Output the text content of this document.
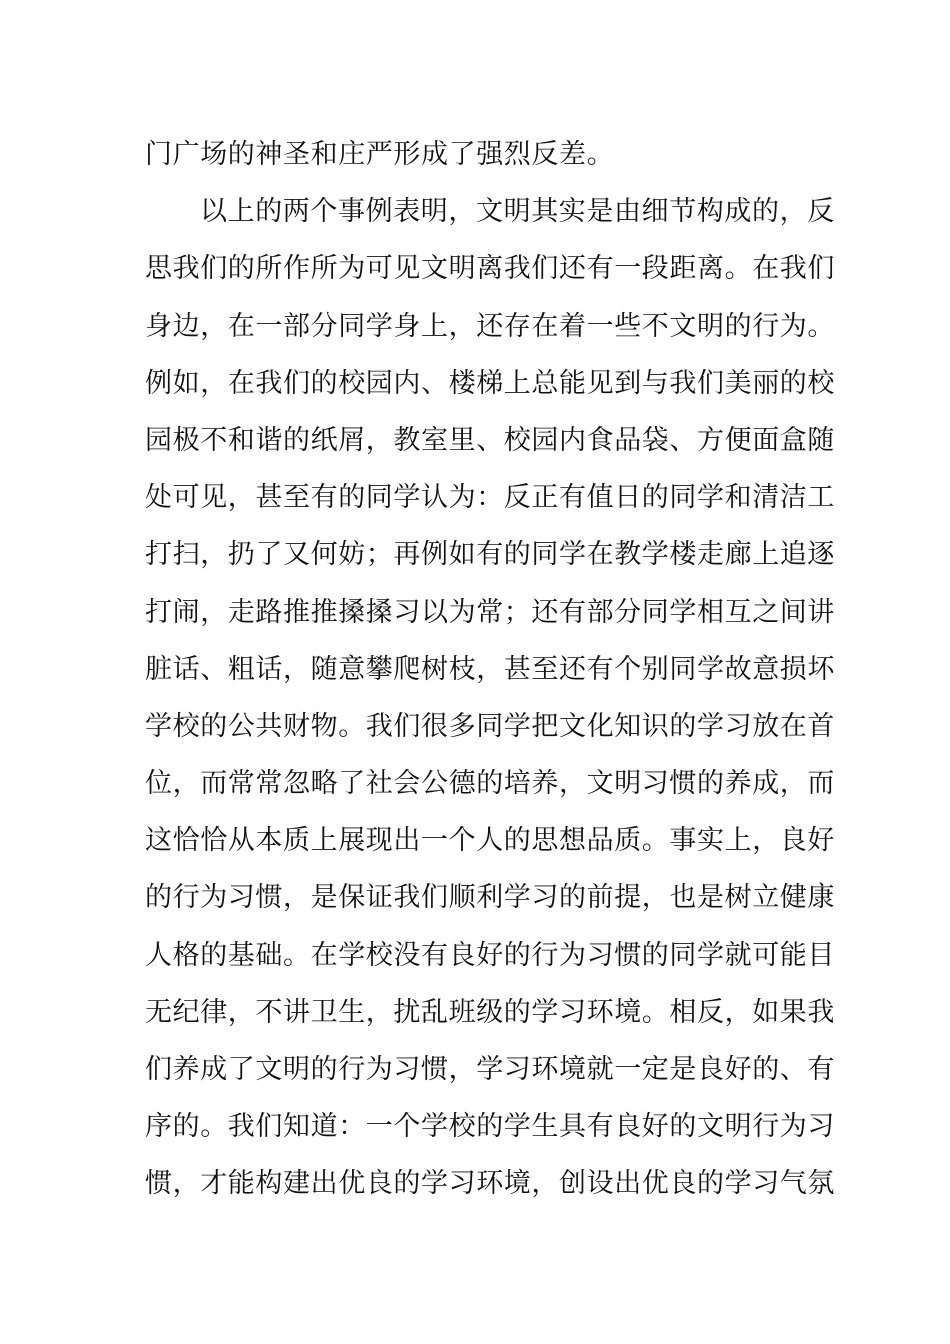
门广场的神圣和庄严形成了强烈反差。
以上的两个事例表明，文明其实是由细节构成的，反
思我们的所作所为可见文明离我们还有一段距离。在我们
身边，在一部分同学身上，还存在着一些不文明的行为。
例如，在我们的校园内、楼梯上总能见到与我们美丽的校
园极不和谐的纸屑，教室里、校园内食品袋、方便面盒随
处可见，甚至有的同学认为：反正有值日的同学和清洁工
打扫，扔了又何妨；再例如有的同学在教学楼走廊上追逐
打闹，走路推推搡搡习以为常；还有部分同学相互之间讲
脏话、粗话，随意攀爬树枝，甚至还有个别同学故意损坏
学校的公共财物。我们很多同学把文化知识的学习放在首
位，而常常忽略了社会公德的培养，文明习惯的养成，而
这恰恰从本质上展现出一个人的思想品质。事实上，良好
的行为习惯，是保证我们顺利学习的前提，也是树立健康
人格的基础。在学校没有良好的行为习惯的同学就可能目
无纪律，不讲卫生，扰乱班级的学习环境。相反，如果我
们养成了文明的行为习惯，学习环境就一定是良好的、有
序的。我们知道：一个学校的学生具有良好的文明行为习
惯，才能构建出优良的学习环境，创设出优良的学习气氛
